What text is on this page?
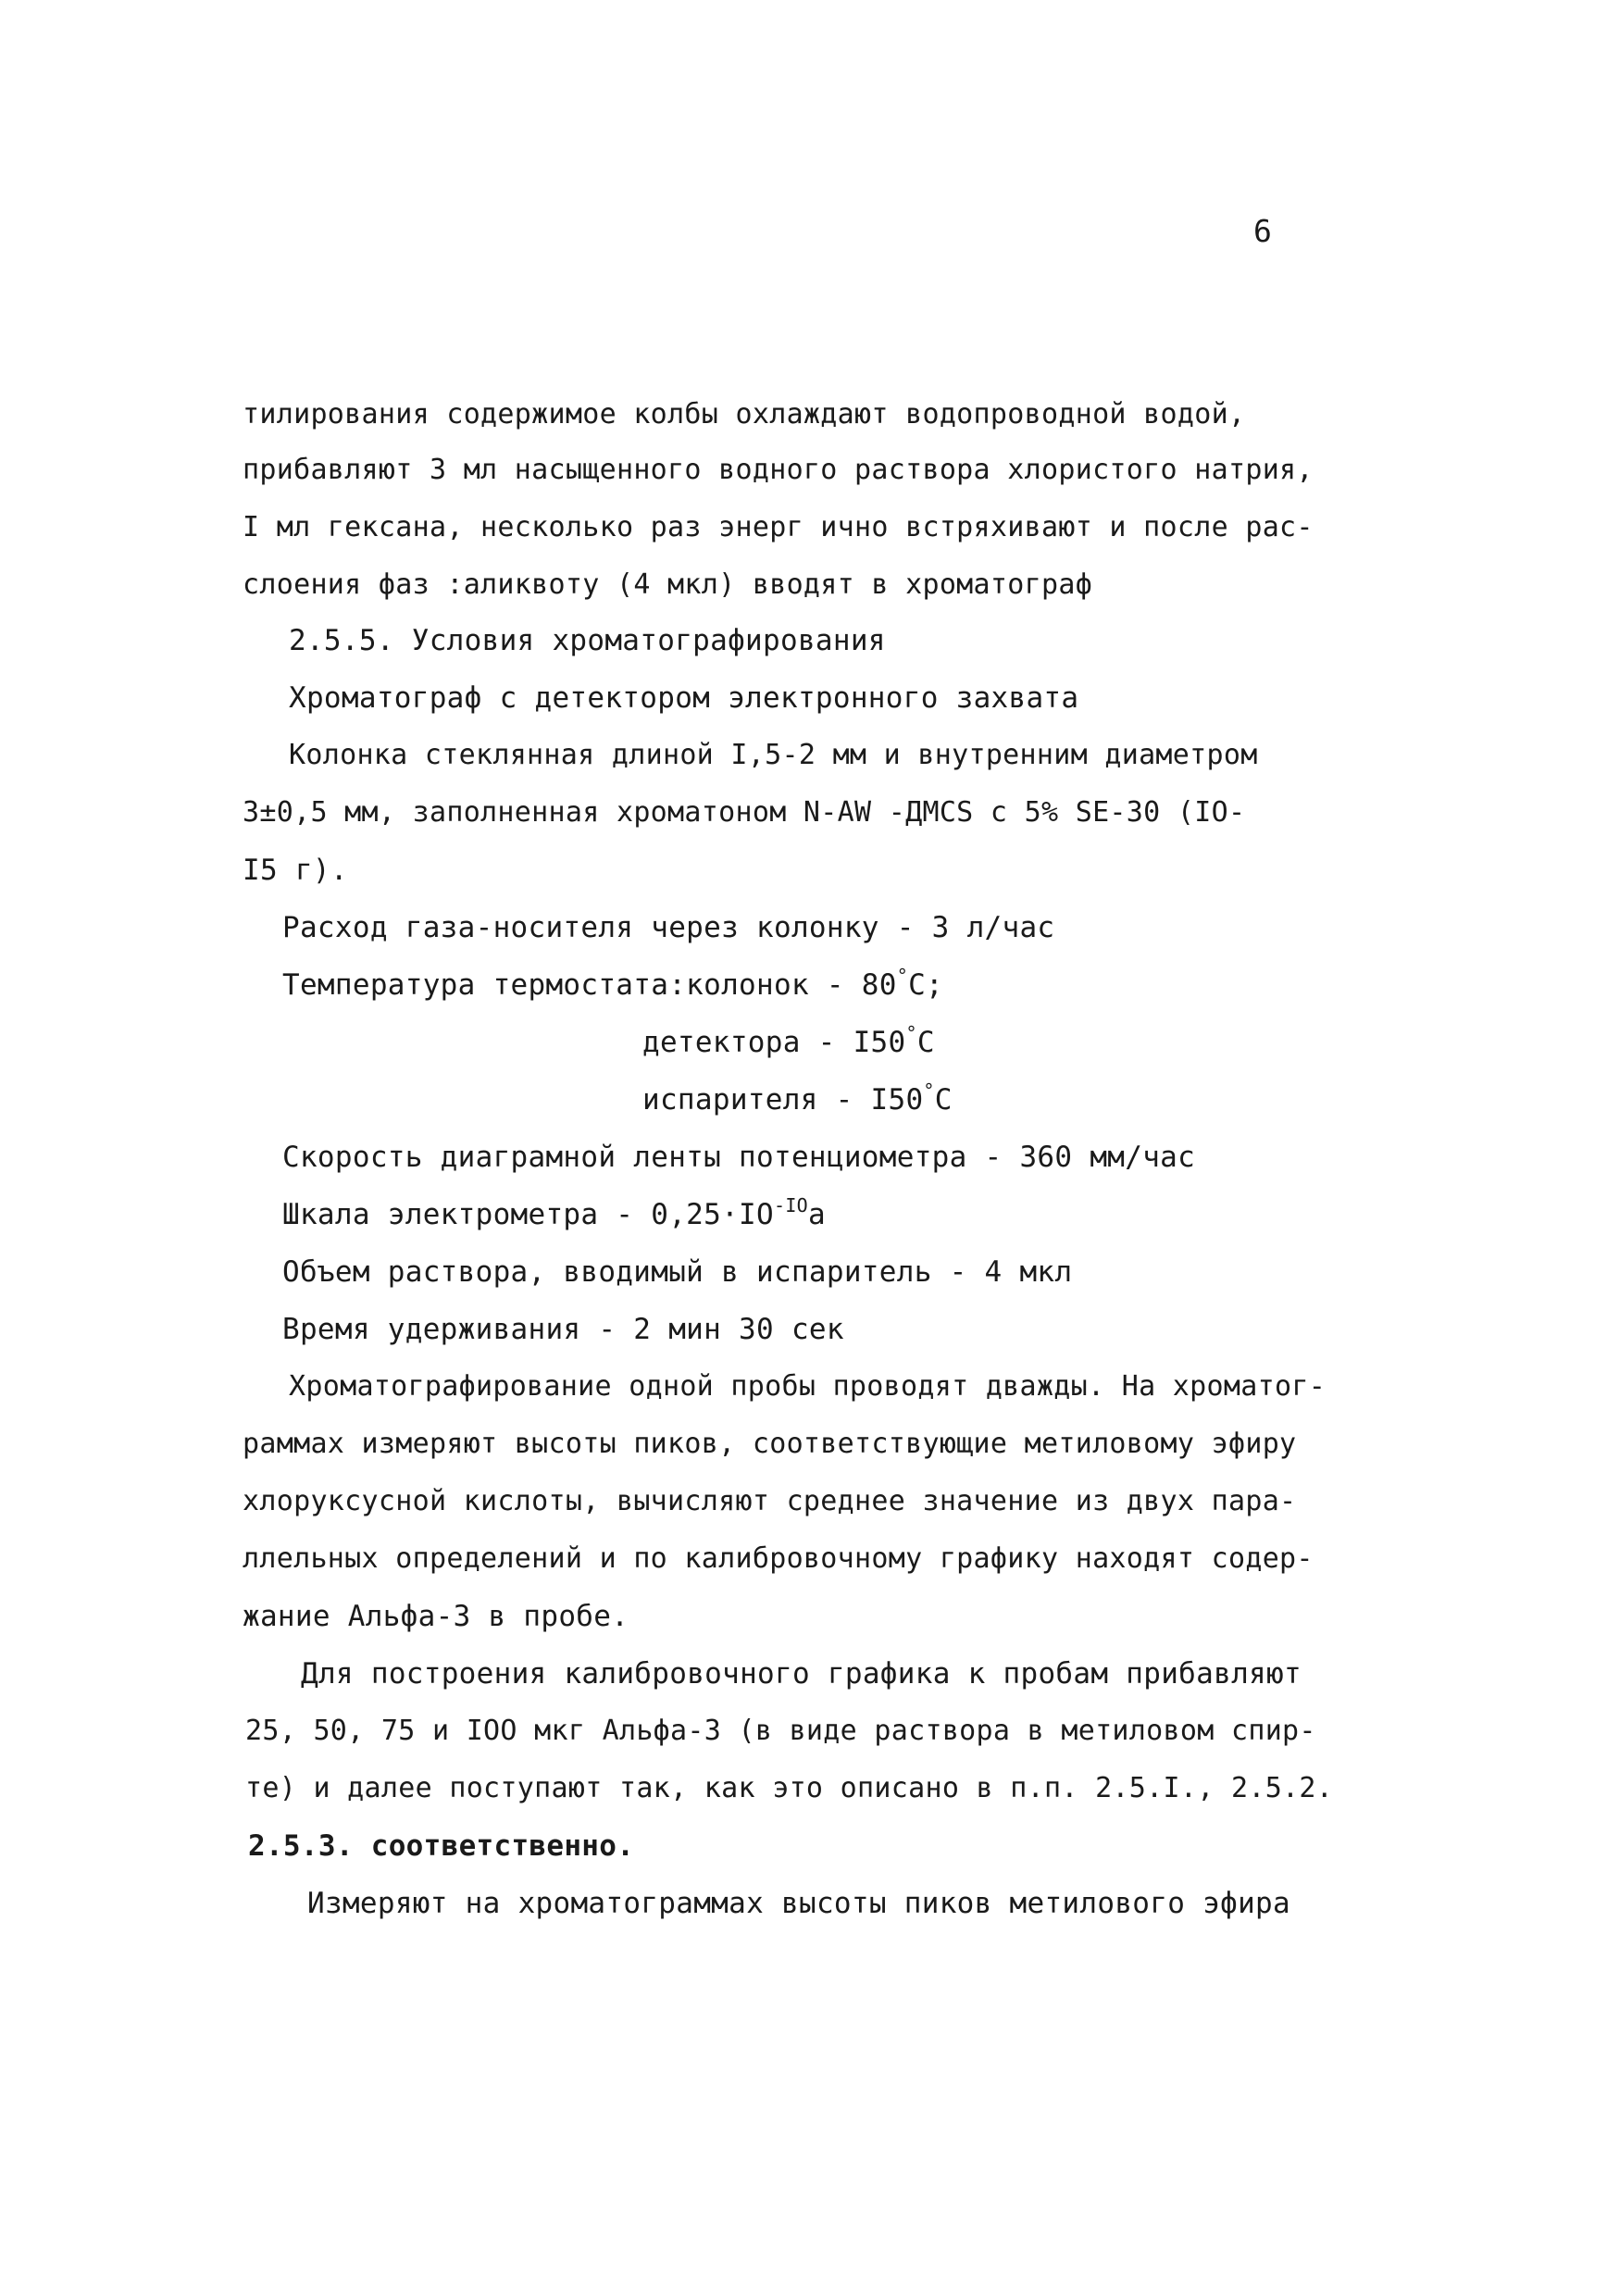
6
тилирования содержимое колбы охлаждают водопроводной водой,
прибавляют 3 мл насыщенного водного раствора хлористого натрия,
I мл гексана, несколько раз энерг ично встряхивают и после рас-
слоения фаз :аликвоту (4 мкл) вводят в хроматограф
2.5.5. Условия хроматографирования
Хроматограф с детектором электронного захвата
Колонка стеклянная длиной I,5-2 мм и внутренним диаметром
3±0,5 мм, заполненная хроматоном N-AW -ДМCS с 5% SE-30 (IO-
I5 г).
Расход газа-носителя через колонку - 3 л/час
Температура термостата:колонок - 80°С;
детектора - I50°С
испарителя - I50°С
Скорость диаграмной ленты потенциометра - 360 мм/час
Шкала электрометра - $0,25\cdot IO^{-IO}а$
Объем раствора, вводимый в испаритель - 4 мкл
Время удерживания - 2 мин 30 сек
Хроматографирование одной пробы проводят дважды. На хроматог-
раммах измеряют высоты пиков, соответствующие метиловому эфиру
хлоруксусной кислоты, вычисляют среднее значение из двух пара-
ллельных определений и по калибровочному графику находят содер-
жание Альфа-3 в пробе.
Для построения калибровочного графика к пробам прибавляют
25, 50, 75 и IOO мкг Альфа-3 (в виде раствора в метиловом спир-
те) и далее поступают так, как это описано в п.п. 2.5.I., 2.5.2.
2.5.3. соответственно.
Измеряют на хроматограммах высоты пиков метилового эфира
